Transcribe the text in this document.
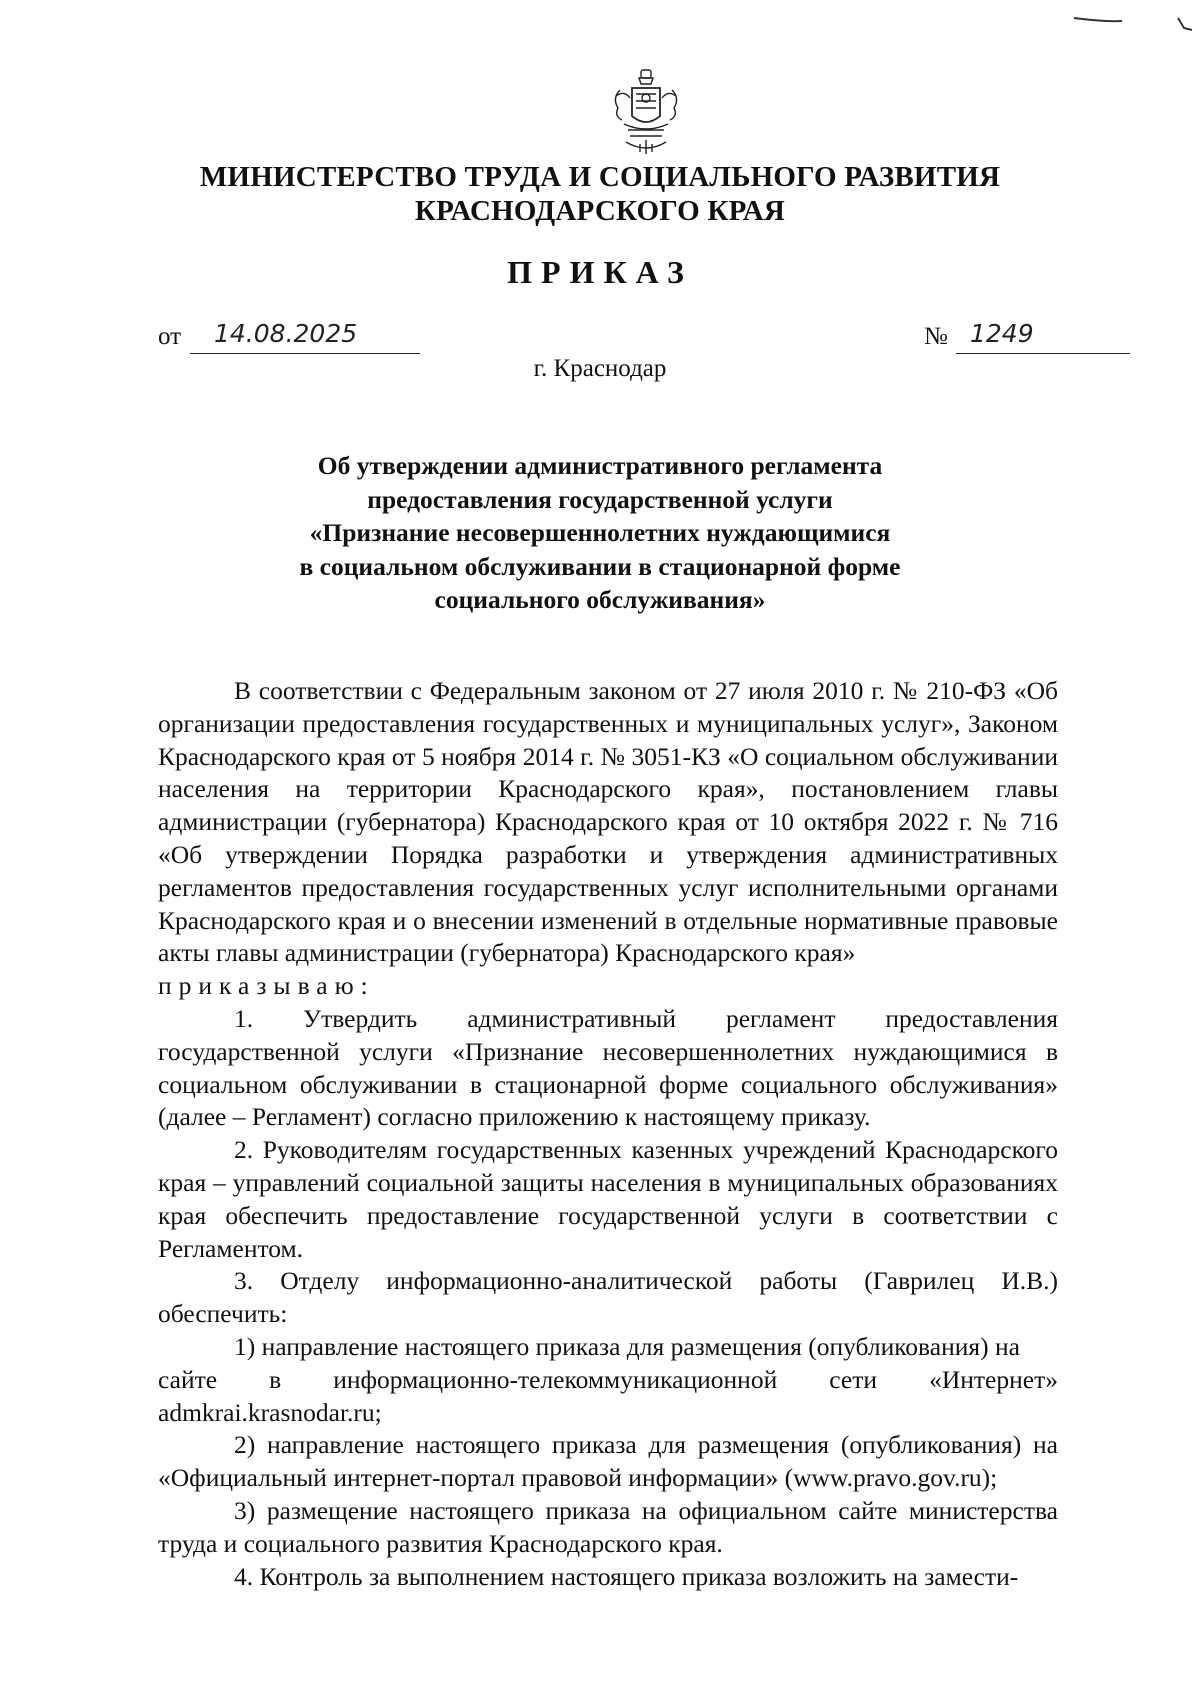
МИНИСТЕРСТВО ТРУДА И СОЦИАЛЬНОГО РАЗВИТИЯ
КРАСНОДАРСКОГО КРАЯ
ПРИКАЗ
от 14.08.2025	№ 1249
г. Краснодар
Об утверждении административного регламента
предоставления государственной услуги
«Признание несовершеннолетних нуждающимися
в социальном обслуживании в стационарной форме
социального обслуживания»

В соответствии с Федеральным законом от 27 июля 2010 г. № 210-ФЗ «Об организации предоставления государственных и муниципальных услуг», Законом Краснодарского края от 5 ноября 2014 г. № 3051-КЗ «О социальном обслуживании населения на территории Краснодарского края», постановлением главы администрации (губернатора) Краснодарского края от 10 октября 2022 г. № 716 «Об утверждении Порядка разработки и утверждения административных регламентов предоставления государственных услуг исполнительными органами Краснодарского края и о внесении изменений в отдельные нормативные правовые акты главы администрации (губернатора) Краснодарского края»

приказываю:

1. Утвердить административный регламент предоставления государственной услуги «Признание несовершеннолетних нуждающимися в социальном обслуживании в стационарной форме социального обслуживания» (далее – Регламент) согласно приложению к настоящему приказу.

2. Руководителям государственных казенных учреждений Краснодарского края – управлений социальной защиты населения в муниципальных образованиях края обеспечить предоставление государственной услуги в соответствии с Регламентом.

3. Отделу информационно-аналитической работы (Гаврилец И.В.) обеспечить:

1) направление настоящего приказа для размещения (опубликования) на

сайте в информационно-телекоммуникационной сети «Интернет»

admkrai.krasnodar.ru;

2) направление настоящего приказа для размещения (опубликования) на «Официальный интернет-портал правовой информации» (www.pravo.gov.ru);

3) размещение настоящего приказа на официальном сайте министерства труда и социального развития Краснодарского края.

4. Контроль за выполнением настоящего приказа возложить на замести-
